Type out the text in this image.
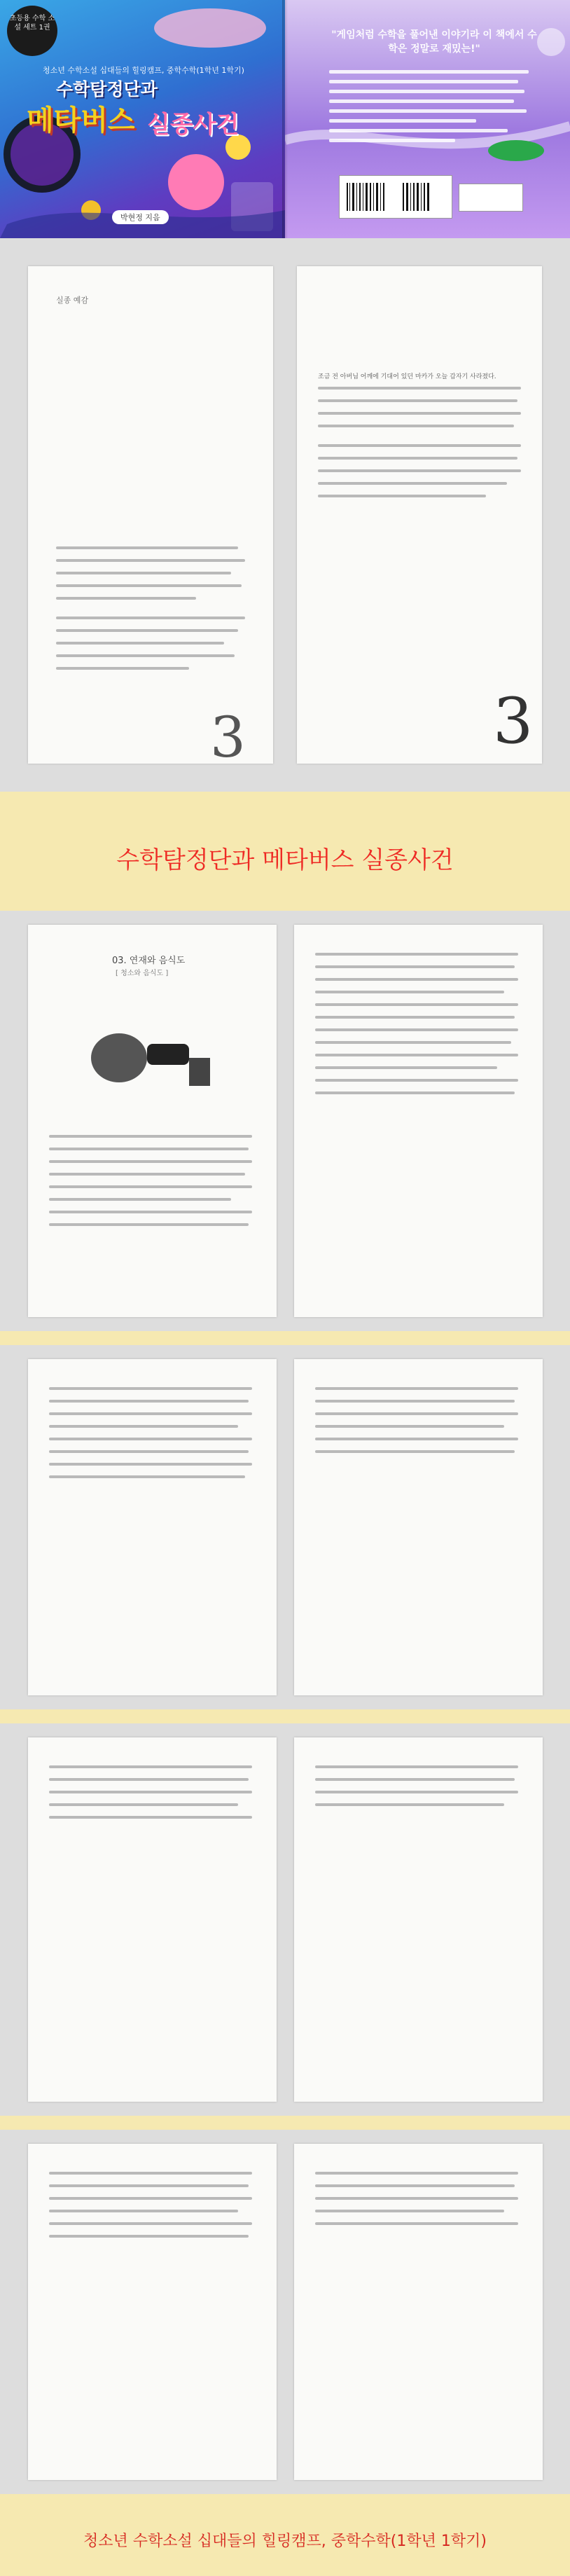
초등용 수학 소설 세트 1권
청소년 수학소설 십대들의 힐링캠프, 중학수학(1학년 1학기)
수학탐정단과
메타버스 실종사건
박현정 지음
"게임처럼 수학을 풀어낸 이야기라 이 책에서 수학은 정말로 재밌는!"
실종 예감
3
조금 전 아버님 어깨에 기대어 있던 마카가 오늘 갑자기 사라졌다.
3
수학탐정단과 메타버스 실종사건
03. 연재와 음식도
[ 청소와 음식도 ]
청소년 수학소설 십대들의 힐링캠프, 중학수학(1학년 1학기)
